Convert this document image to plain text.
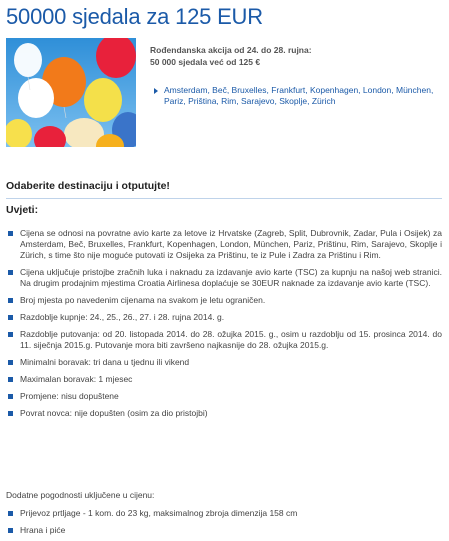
50000 sjedala za 125 EUR
Rođendanska akcija od 24. do 28. rujna:
50 000 sjedala već od 125 €
Amsterdam, Beč, Bruxelles, Frankfurt, Kopenhagen, London, München, Pariz, Priština, Rim, Sarajevo, Skoplje, Zürich
Odaberite destinaciju i otputujte!
Uvjeti:
Cijena se odnosi na povratne avio karte za letove iz Hrvatske (Zagreb, Split, Dubrovnik, Zadar, Pula i Osijek) za Amsterdam, Beč, Bruxelles, Frankfurt, Kopenhagen, London, München, Pariz, Prištinu, Rim, Sarajevo, Skoplje i Zürich, s time što nije moguće putovati iz Osijeka za Prištinu, te iz Pule i Zadra za Prištinu i Rim.
Cijena uključuje pristojbe zračnih luka i naknadu za izdavanje avio karte (TSC) za kupnju na našoj web stranici. Na drugim prodajnim mjestima Croatia Airlinesa doplaćuje se 30EUR naknade za izdavanje avio karte (TSC).
Broj mjesta po navedenim cijenama na svakom je letu ograničen.
Razdoblje kupnje: 24., 25., 26., 27. i 28. rujna 2014. g.
Razdoblje putovanja: od 20. listopada 2014. do 28. ožujka 2015. g., osim u razdoblju od 15. prosinca 2014. do 11. siječnja 2015.g. Putovanje mora biti završeno najkasnije do 28. ožujka 2015.g.
Minimalni boravak: tri dana u tjednu ili vikend
Maximalan boravak: 1 mjesec
Promjene: nisu dopuštene
Povrat novca: nije dopušten (osim za dio pristojbi)
Dodatne pogodnosti uključene u cijenu:
Prijevoz prtljage - 1 kom. do 23 kg, maksimalnog zbroja dimenzija 158 cm
Hrana i piće
